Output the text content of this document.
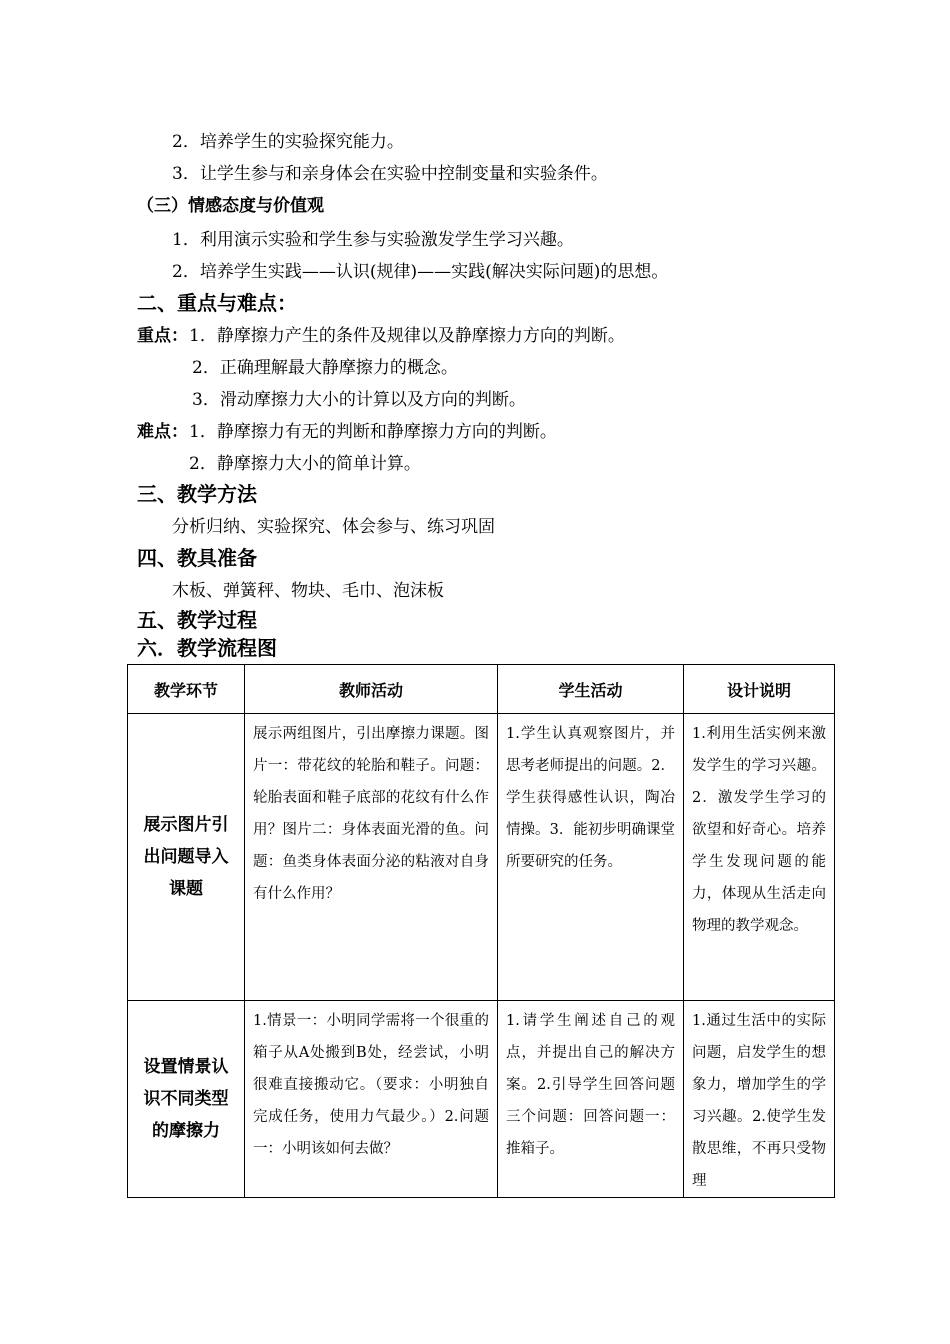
2．培养学生的实验探究能力。
3．让学生参与和亲身体会在实验中控制变量和实验条件。
（三）情感态度与价值观
1．利用演示实验和学生参与实验激发学生学习兴趣。
2．培养学生实践——认识(规律)——实践(解决实际问题)的思想。
二、重点与难点：
重点： 1．静摩擦力产生的条件及规律以及静摩擦力方向的判断。
2．正确理解最大静摩擦力的概念。
3．滑动摩擦力大小的计算以及方向的判断。
难点： 1．静摩擦力有无的判断和静摩擦力方向的判断。
2．静摩擦力大小的简单计算。
三、教学方法
分析归纳、实验探究、体会参与、练习巩固
四、教具准备
木板、弹簧秤、物块、毛巾、泡沫板
五、教学过程
六．教学流程图
教学环节	教师活动	学生活动	设计说明

展示图片引出问题导入课题	展示两组图片，引出摩擦力课题。图片一：带花纹的轮胎和鞋子。问题：轮胎表面和鞋子底部的花纹有什么作用？图片二：身体表面光滑的鱼。问题：鱼类身体表面分泌的粘液对自身有什么作用？	1.学生认真观察图片，并思考老师提出的问题。2．学生获得感性认识，陶冶情操。3．能初步明确课堂所要研究的任务。	1.利用生活实例来激发学生的学习兴趣。2．激发学生学习的欲望和好奇心。培养学生发现问题的能力，体现从生活走向物理的教学观念。

设置情景认识不同类型的摩擦力	1.情景一：小明同学需将一个很重的箱子从A处搬到B处，经尝试，小明很难直接搬动它。（要求：小明独自完成任务，使用力气最少。）2.问题一：小明该如何去做？	1.请学生阐述自己的观点，并提出自己的解决方案。2.引导学生回答问题三个问题：回答问题一：推箱子。	1.通过生活中的实际问题，启发学生的想象力，增加学生的学习兴趣。2.使学生发散思维，不再只受物理
